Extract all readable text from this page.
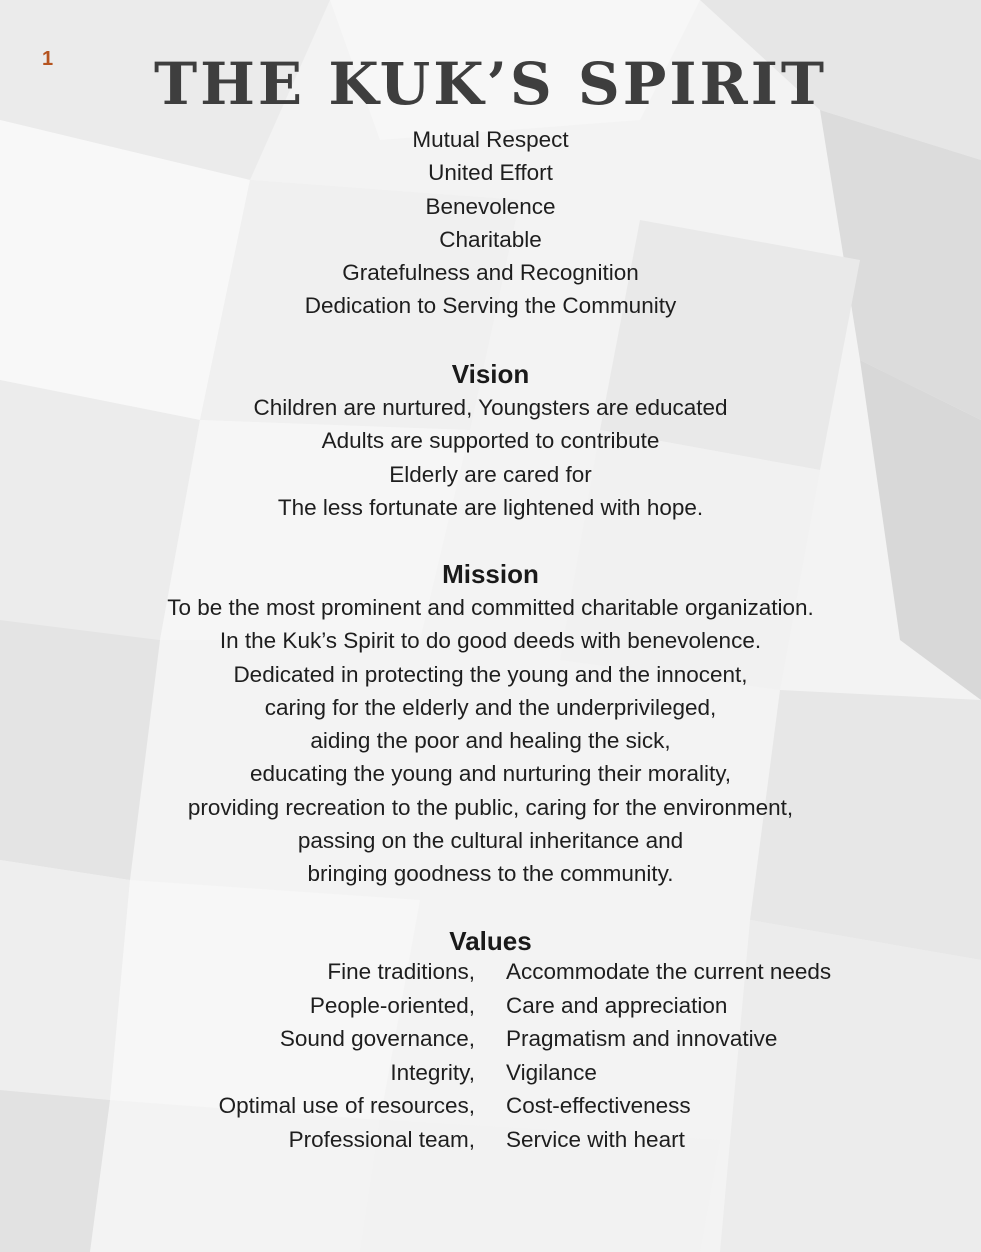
1	THE KUK’S SPIRIT
Mutual Respect
United Effort
Benevolence
Charitable
Gratefulness and Recognition
Dedication to Serving the Community
Vision
Children are nurtured, Youngsters are educated
Adults are supported to contribute
Elderly are cared for
The less fortunate are lightened with hope.
Mission
To be the most prominent and committed charitable organization.
In the Kuk’s Spirit to do good deeds with benevolence.
Dedicated in protecting the young and the innocent,
caring for the elderly and the underprivileged,
aiding the poor and healing the sick,
educating the young and nurturing their morality,
providing recreation to the public, caring for the environment,
passing on the cultural inheritance and
bringing goodness to the community.
Values
Fine traditions, Accommodate the current needs
People-oriented, Care and appreciation
Sound governance, Pragmatism and innovative
Integrity, Vigilance
Optimal use of resources, Cost-effectiveness
Professional team, Service with heart
